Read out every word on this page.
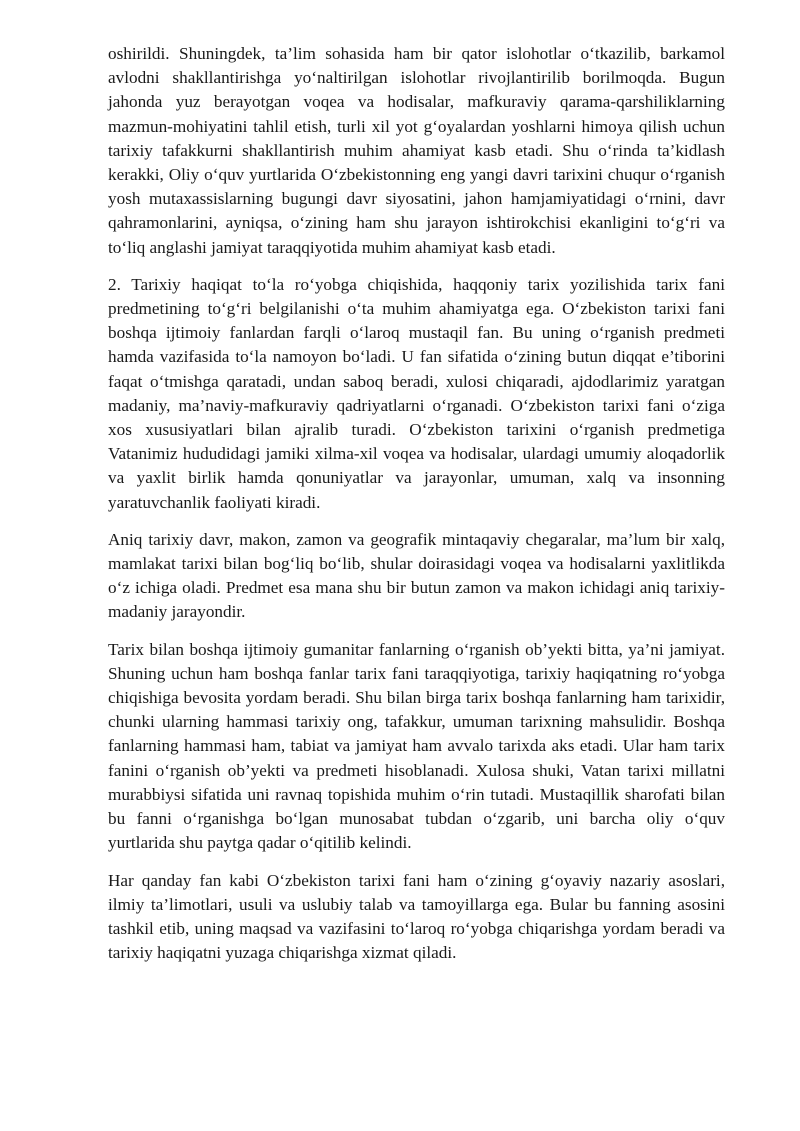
oshirildi. Shuningdek, ta’lim sohasida ham bir qator islohotlar o‘tkazilib, barkamol avlodni shakllantirishga yo‘naltirilgan islohotlar rivojlantirilib borilmoqda. Bugun jahonda yuz berayotgan voqea va hodisalar, mafkuraviy qarama-qarshiliklarning mazmun-mohiyatini tahlil etish, turli xil yot g‘oyalardan yoshlarni himoya qilish uchun tarixiy tafakkurni shakllantirish muhim ahamiyat kasb etadi. Shu o‘rinda ta’kidlash kerakki, Oliy o‘quv yurtlarida O‘zbekistonning eng yangi davri tarixini chuqur o‘rganish yosh mutaxassislarning bugungi davr siyosatini, jahon hamjamiyatidagi o‘rnini, davr qahramonlarini, ayniqsa, o‘zining ham shu jarayon ishtirokchisi ekanligini to‘g‘ri va to‘liq anglashi jamiyat taraqqiyotida muhim ahamiyat kasb etadi.

2. Tarixiy haqiqat to‘la ro‘yobga chiqishida, haqqoniy tarix yozilishida tarix fani predmetining to‘g‘ri belgilanishi o‘ta muhim ahamiyatga ega. O‘zbekiston tarixi fani boshqa ijtimoiy fanlardan farqli o‘laroq mustaqil fan. Bu uning o‘rganish predmeti hamda vazifasida to‘la namoyon bo‘ladi. U fan sifatida o‘zining butun diqqat e’tiborini faqat o‘tmishga qaratadi, undan saboq beradi, xulosi chiqaradi, ajdodlarimiz yaratgan madaniy, ma’naviy-mafkuraviy qadriyatlarni o‘rganadi. O‘zbekiston tarixi fani o‘ziga xos xususiyatlari bilan ajralib turadi. O‘zbekiston tarixini o‘rganish predmetiga Vatanimiz hududidagi jamiki xilma-xil voqea va hodisalar, ulardagi umumiy aloqadorlik va yaxlit birlik hamda qonuniyatlar va jarayonlar, umuman, xalq va insonning yaratuvchanlik faoliyati kiradi.

Aniq tarixiy davr, makon, zamon va geografik mintaqaviy chegaralar, ma’lum bir xalq, mamlakat tarixi bilan bog‘liq bo‘lib, shular doirasidagi voqea va hodisalarni yaxlitlikda o‘z ichiga oladi. Predmet esa mana shu bir butun zamon va makon ichidagi aniq tarixiy-madaniy jarayondir.

Tarix bilan boshqa ijtimoiy gumanitar fanlarning o‘rganish ob’yekti bitta, ya’ni jamiyat. Shuning uchun ham boshqa fanlar tarix fani taraqqiyotiga, tarixiy haqiqatning ro‘yobga chiqishiga bevosita yordam beradi. Shu bilan birga tarix boshqa fanlarning ham tarixidir, chunki ularning hammasi tarixiy ong, tafakkur, umuman tarixning mahsulidir. Boshqa fanlarning hammasi ham, tabiat va jamiyat ham avvalo tarixda aks etadi. Ular ham tarix fanini o‘rganish ob’yekti va predmeti hisoblanadi. Xulosa shuki, Vatan tarixi millatni murabbiysi sifatida uni ravnaq topishida muhim o‘rin tutadi. Mustaqillik sharofati bilan bu fanni o‘rganishga bo‘lgan munosabat tubdan o‘zgarib, uni barcha oliy o‘quv yurtlarida shu paytga qadar o‘qitilib kelindi.

Har qanday fan kabi O‘zbekiston tarixi fani ham o‘zining g‘oyaviy nazariy asoslari, ilmiy ta’limotlari, usuli va uslubiy talab va tamoyillarga ega. Bular bu fanning asosini tashkil etib, uning maqsad va vazifasini to‘laroq ro‘yobga chiqarishga yordam beradi va tarixiy haqiqatni yuzaga chiqarishga xizmat qiladi.
